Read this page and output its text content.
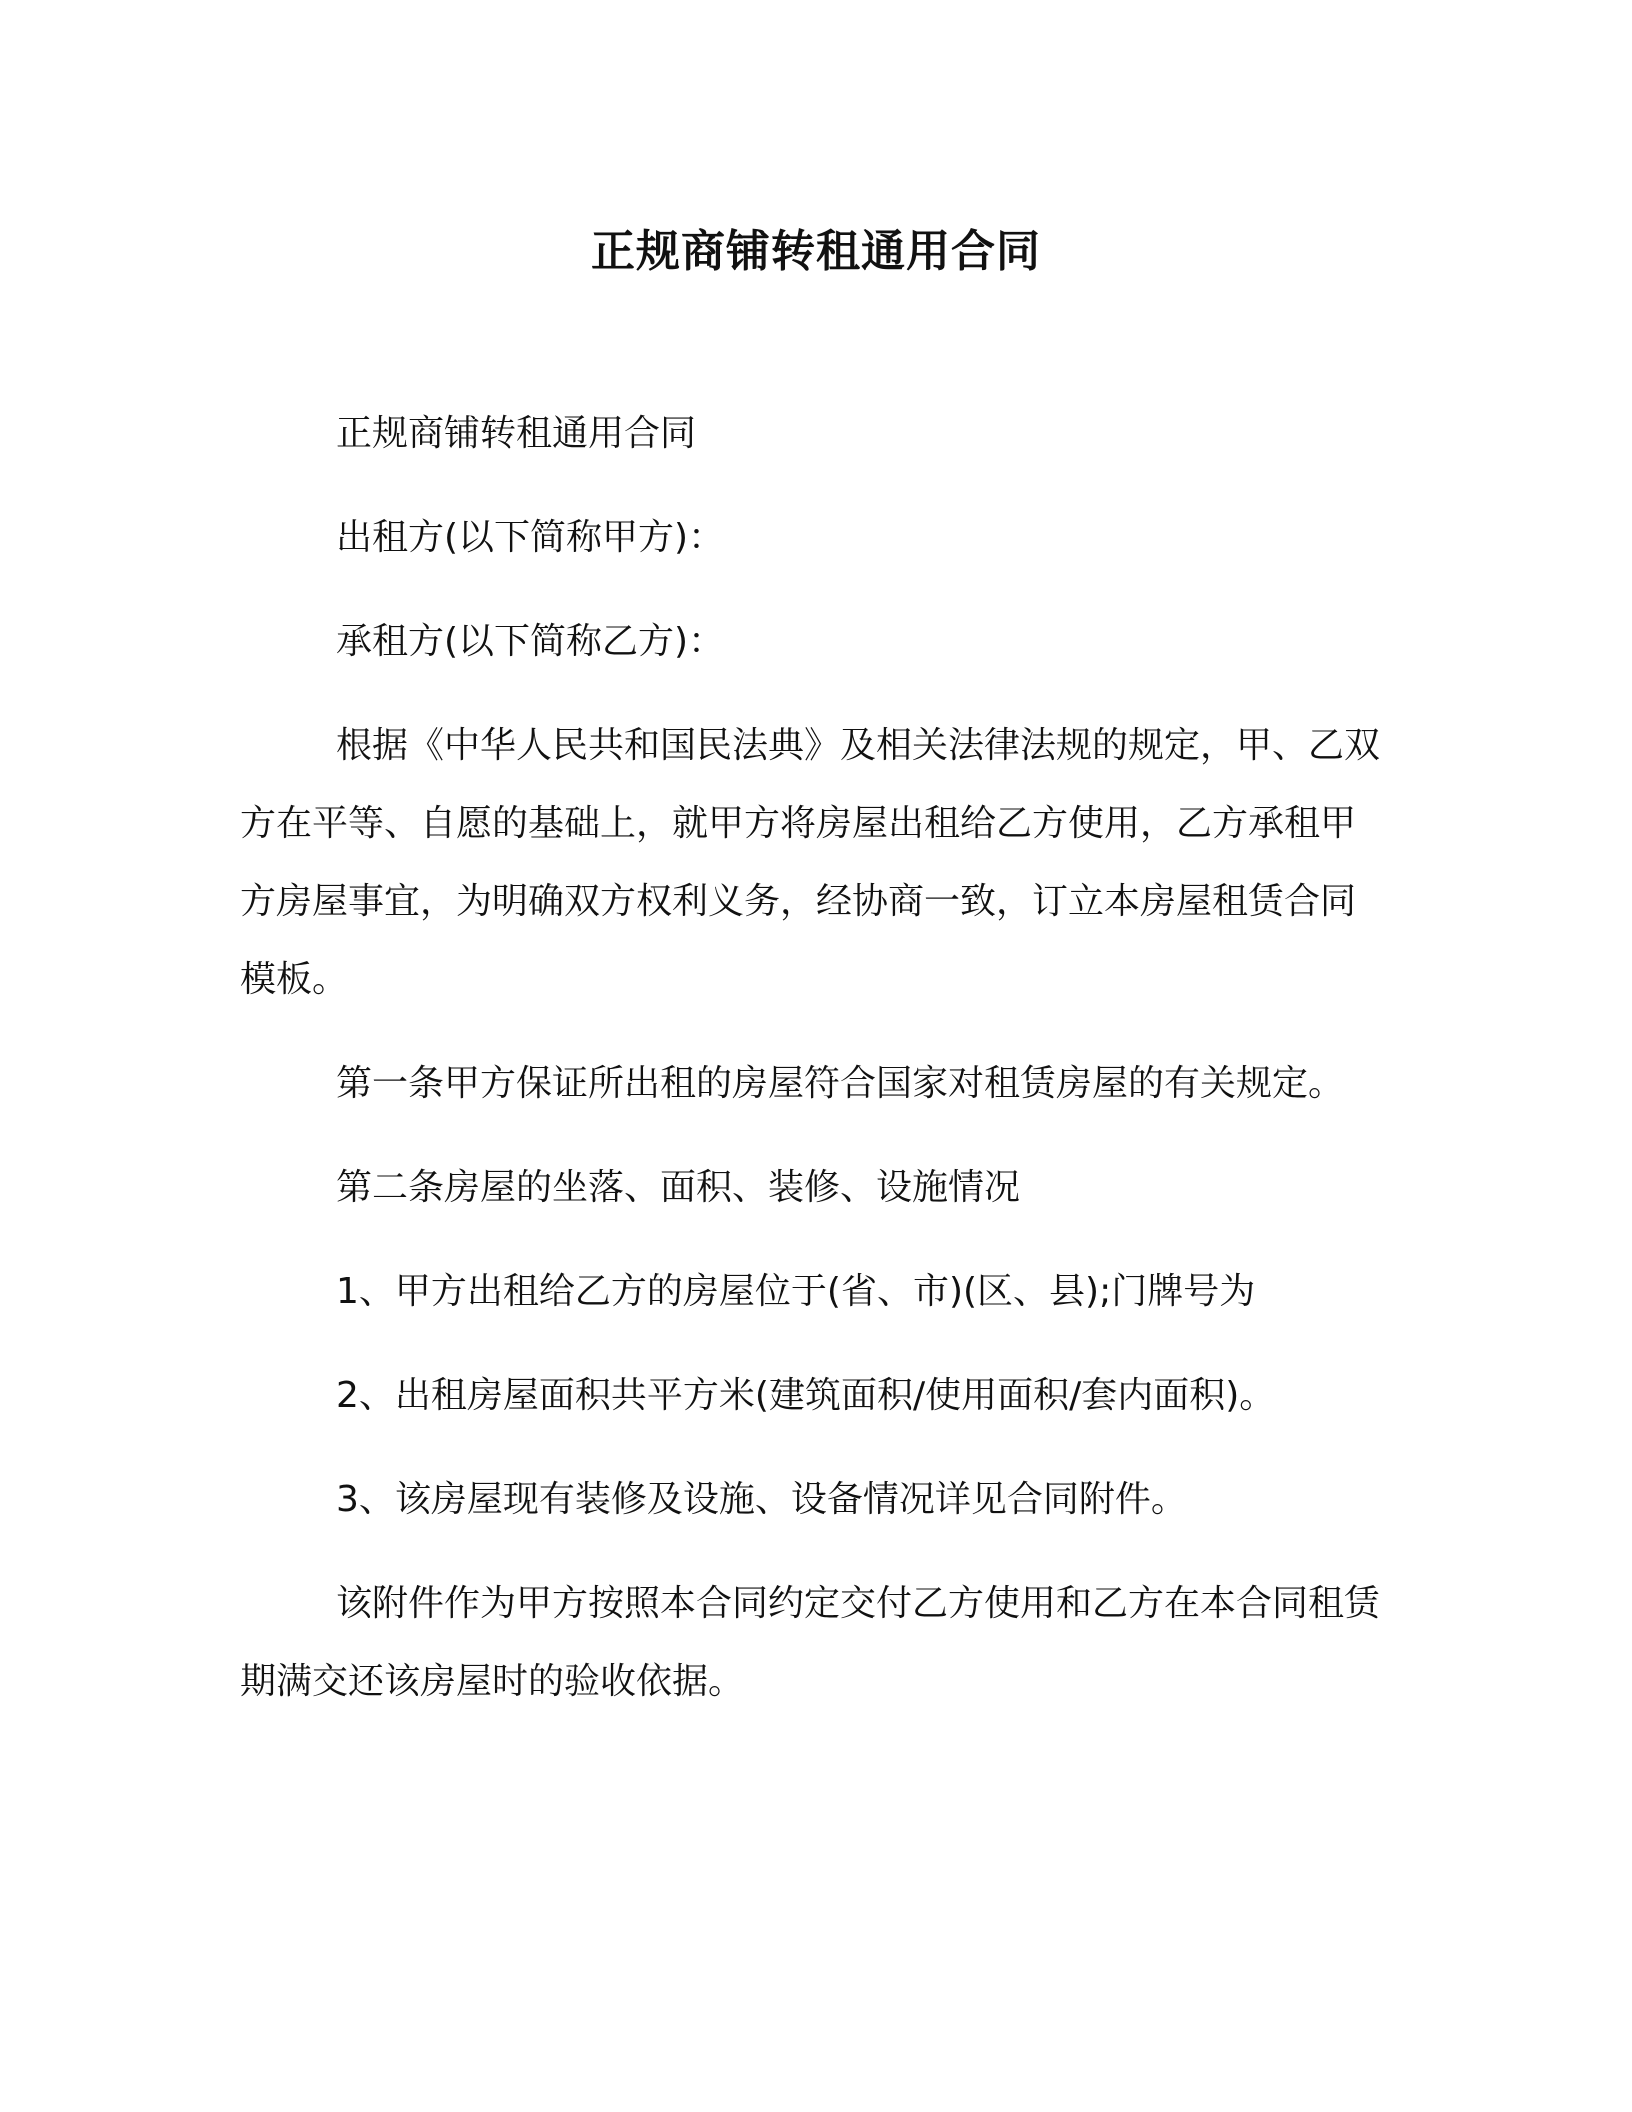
正规商铺转租通用合同

正规商铺转租通用合同

出租方(以下简称甲方)：

承租方(以下简称乙方)：

根据《中华人民共和国民法典》及相关法律法规的规定，甲、乙双方在平等、自愿的基础上，就甲方将房屋出租给乙方使用，乙方承租甲方房屋事宜，为明确双方权利义务，经协商一致，订立本房屋租赁合同模板。

第一条甲方保证所出租的房屋符合国家对租赁房屋的有关规定。

第二条房屋的坐落、面积、装修、设施情况

1、甲方出租给乙方的房屋位于(省、市)(区、县);门牌号为

2、出租房屋面积共平方米(建筑面积/使用面积/套内面积)。

3、该房屋现有装修及设施、设备情况详见合同附件。

该附件作为甲方按照本合同约定交付乙方使用和乙方在本合同租赁期满交还该房屋时的验收依据。
